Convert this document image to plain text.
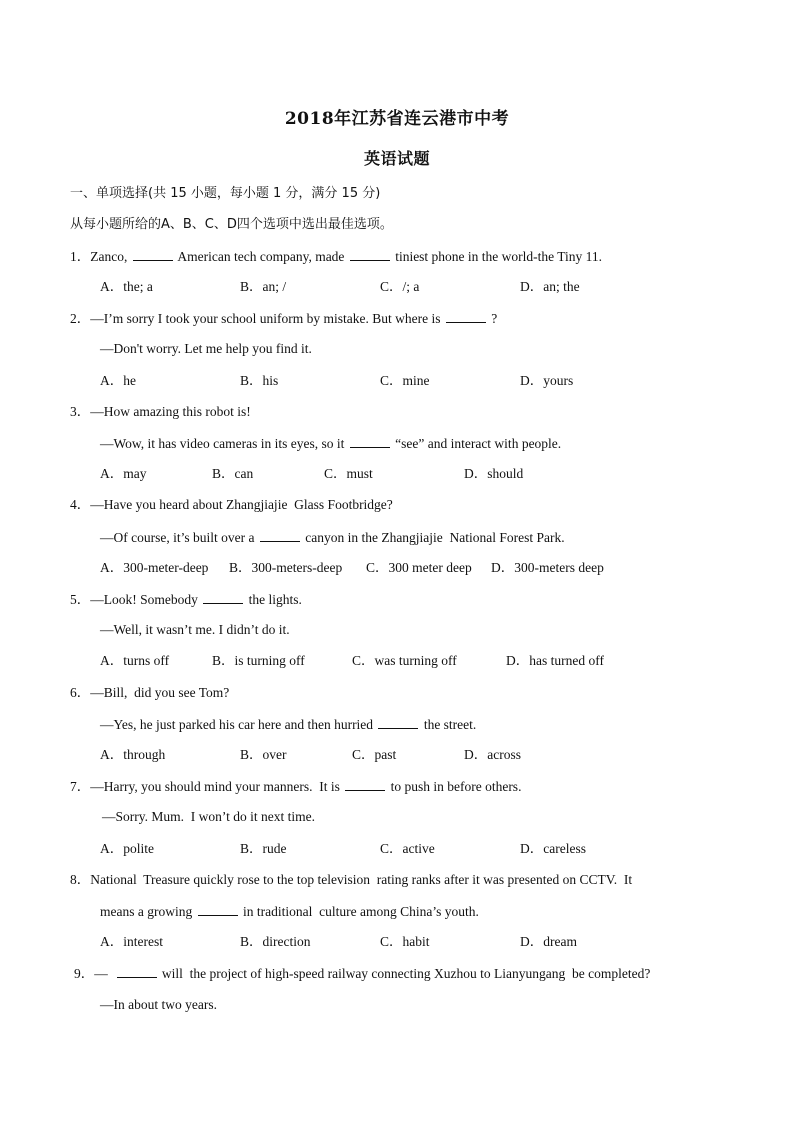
2018年江苏省连云港市中考
英语试题
一、单项选择(共 15 小题，每小题 1 分，满分 15 分)
从每小题所给的A、B、C、D四个选项中选出最佳选项。
1．Zanco,	American tech company, made	tiniest phone in the world-the Tiny 11.
A．the; a	B．an; /	C．/; a	D．an; the
2．—I’m sorry I took your school uniform by mistake. But where is	?
—Don't worry. Let me help you find it.
A．he	B．his	C．mine	D．yours
3．—How amazing this robot is!
—Wow, it has video cameras in its eyes, so it	“see” and interact with people.
A．may	B．can	C．must	D．should
4．—Have you heard about Zhangjiajie  Glass Footbridge?
—Of course, it’s built over a	canyon in the Zhangjiajie  National Forest Park.
A．300-meter-deep B．300-meters-deep C．300 meter deep D．300-meters deep
5．—Look! Somebody	the lights.
—Well, it wasn’t me. I didn’t do it.
A．turns off	B．is turning off	C．was turning off	D．has turned off
6．—Bill,  did you see Tom?
—Yes, he just parked his car here and then hurried	the street.
A．through	B．over	C．past	D．across
7．—Harry, you should mind your manners.  It is	to push in before others.
—Sorry. Mum.  I won’t do it next time.
A．polite	B．rude	C．active	D．careless
8．National  Treasure quickly rose to the top television  rating ranks after it was presented on CCTV.  It
means a growing	in traditional  culture among China’s youth.
A．interest	B．direction	C．habit	D．dream
9．—	will  the project of high-speed railway connecting Xuzhou to Lianyungang  be completed?
—In about two years.
